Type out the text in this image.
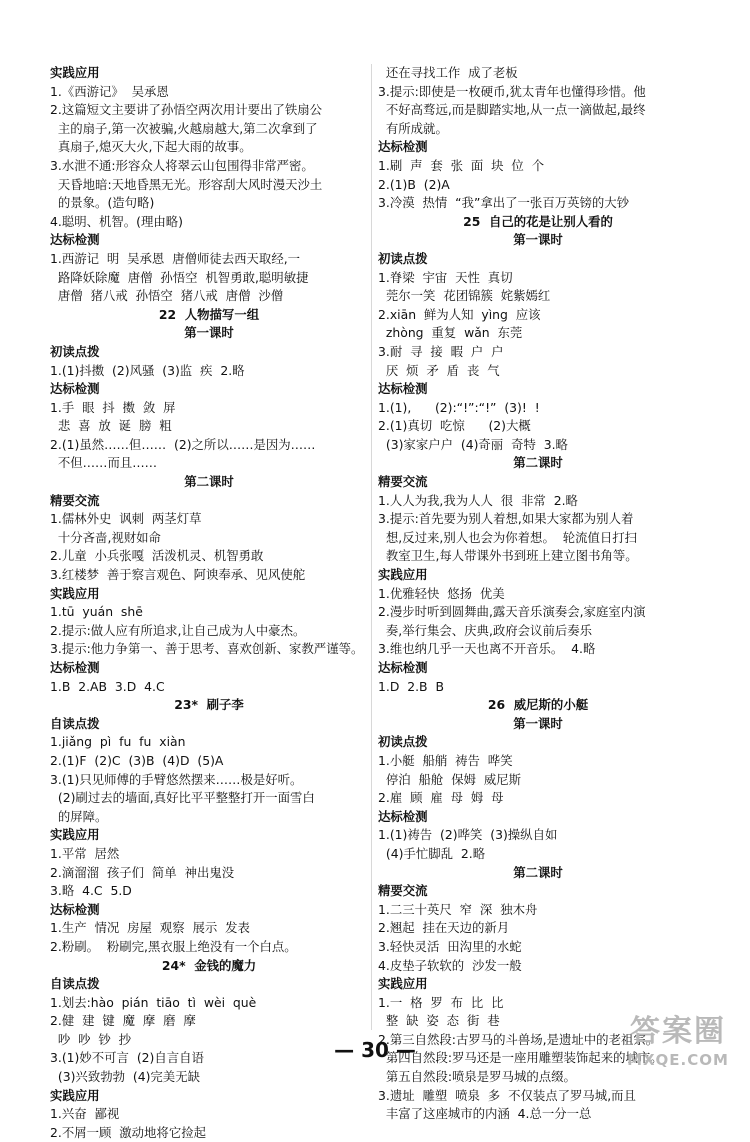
实践应用
1.《西游记》  吴承恩
2.这篇短文主要讲了孙悟空两次用计要出了铁扇公
主的扇子,第一次被骗,火越扇越大,第二次拿到了
真扇子,熄灭大火,下起大雨的故事。
3.水泄不通:形容众人将翠云山包围得非常严密。
天昏地暗:天地昏黑无光。形容刮大风时漫天沙土
的景象。(造句略)
4.聪明、机智。(理由略)
达标检测
1.西游记  明  吴承恩  唐僧师徒去西天取经,一
路降妖除魔  唐僧  孙悟空  机智勇敢,聪明敏捷
唐僧  猪八戒  孙悟空  猪八戒  唐僧  沙僧
22  人物描写一组
第一课时
初读点拨
1.(1)抖擞  (2)风骚  (3)监  疾  2.略
达标检测
1.手  眼  抖  擞  敛  屏
悲  喜  放  诞  膀  粗
2.(1)虽然……但……  (2)之所以……是因为……
不但……而且……
第二课时
精要交流
1.儒林外史  讽刺  两茎灯草
十分吝啬,视财如命
2.儿童  小兵张嘎  活泼机灵、机智勇敢
3.红楼梦  善于察言观色、阿谀奉承、见风使舵
实践应用
1.tū  yuán  shē
2.提示:做人应有所追求,让自己成为人中豪杰。
3.提示:他力争第一、善于思考、喜欢创新、家教严谨等。
达标检测
1.B  2.AB  3.D  4.C
23*  刷子李
自读点拨
1.jiǎng  pì  fu  fu  xiàn
2.(1)F  (2)C  (3)B  (4)D  (5)A
3.(1)只见师傅的手臂悠然摆来……极是好听。
(2)刷过去的墙面,真好比平平整整打开一面雪白
的屏障。
实践应用
1.平常  居然
2.滴溜溜  孩子们  简单  神出鬼没
3.略  4.C  5.D
达标检测
1.生产  情况  房屋  观察  展示  发表
2.粉刷。  粉刷完,黑衣服上绝没有一个白点。
24*  金钱的魔力
自读点拨
1.划去:hào  pián  tiāo  tì  wèi  què
2.健  建  键  魔  摩  磨  摩
吵  吵  钞  抄
3.(1)妙不可言  (2)自言自语
(3)兴致勃勃  (4)完美无缺
实践应用
1.兴奋  鄙视
2.不屑一顾  激动地将它捡起
还在寻找工作  成了老板
3.提示:即使是一枚硬币,犹太青年也懂得珍惜。他
不好高骛远,而是脚踏实地,从一点一滴做起,最终
有所成就。
达标检测
1.刷  声  套  张  面  块  位  个
2.(1)B  (2)A
3.冷漠  热情  “我”拿出了一张百万英镑的大钞
25  自己的花是让别人看的
第一课时
初读点拨
1.脊梁  宇宙  天性  真切
莞尔一笑  花团锦簇  姹紫嫣红
2.xiān  鲜为人知  yìng  应该
zhòng  重复  wǎn  东莞
3.耐  寻  接  暇  户  户
厌  烦  矛  盾  丧  气
达标检测
1.(1),      (2):“!”:“!”  (3)!  !
2.(1)真切  吃惊      (2)大概
(3)家家户户  (4)奇丽  奇特  3.略
第二课时
精要交流
1.人人为我,我为人人  很  非常  2.略
3.提示:首先要为别人着想,如果大家都为别人着
想,反过来,别人也会为你着想。  轮流值日打扫
教室卫生,每人带课外书到班上建立图书角等。
实践应用
1.优雅轻快  悠扬  优美
2.漫步时听到圆舞曲,露天音乐演奏会,家庭室内演
奏,举行集会、庆典,政府会议前后奏乐
3.维也纳几乎一天也离不开音乐。  4.略
达标检测
1.D  2.B  B
26  威尼斯的小艇
第一课时
初读点拨
1.小艇  船艄  祷告  哗笑
停泊  船舱  保姆  威尼斯
2.雇  顾  雇  母  姆  母
达标检测
1.(1)祷告  (2)哗笑  (3)操纵自如
(4)手忙脚乱  2.略
第二课时
精要交流
1.二三十英尺  窄  深  独木舟
2.翘起  挂在天边的新月
3.轻快灵活  田沟里的水蛇
4.皮垫子软软的  沙发一般
实践应用
1.一  格  罗  布  比  比
整  缺  姿  态  街  巷
2.第三自然段:古罗马的斗兽场,是遗址中的老祖宗。
第四自然段:罗马还是一座用雕塑装饰起来的城市。
第五自然段:喷泉是罗马城的点缀。
3.遗址  雕塑  喷泉  多  不仅装点了罗马城,而且
丰富了这座城市的内涵  4.总一分一总
— 30 —
答案圈
MXQE.COM
